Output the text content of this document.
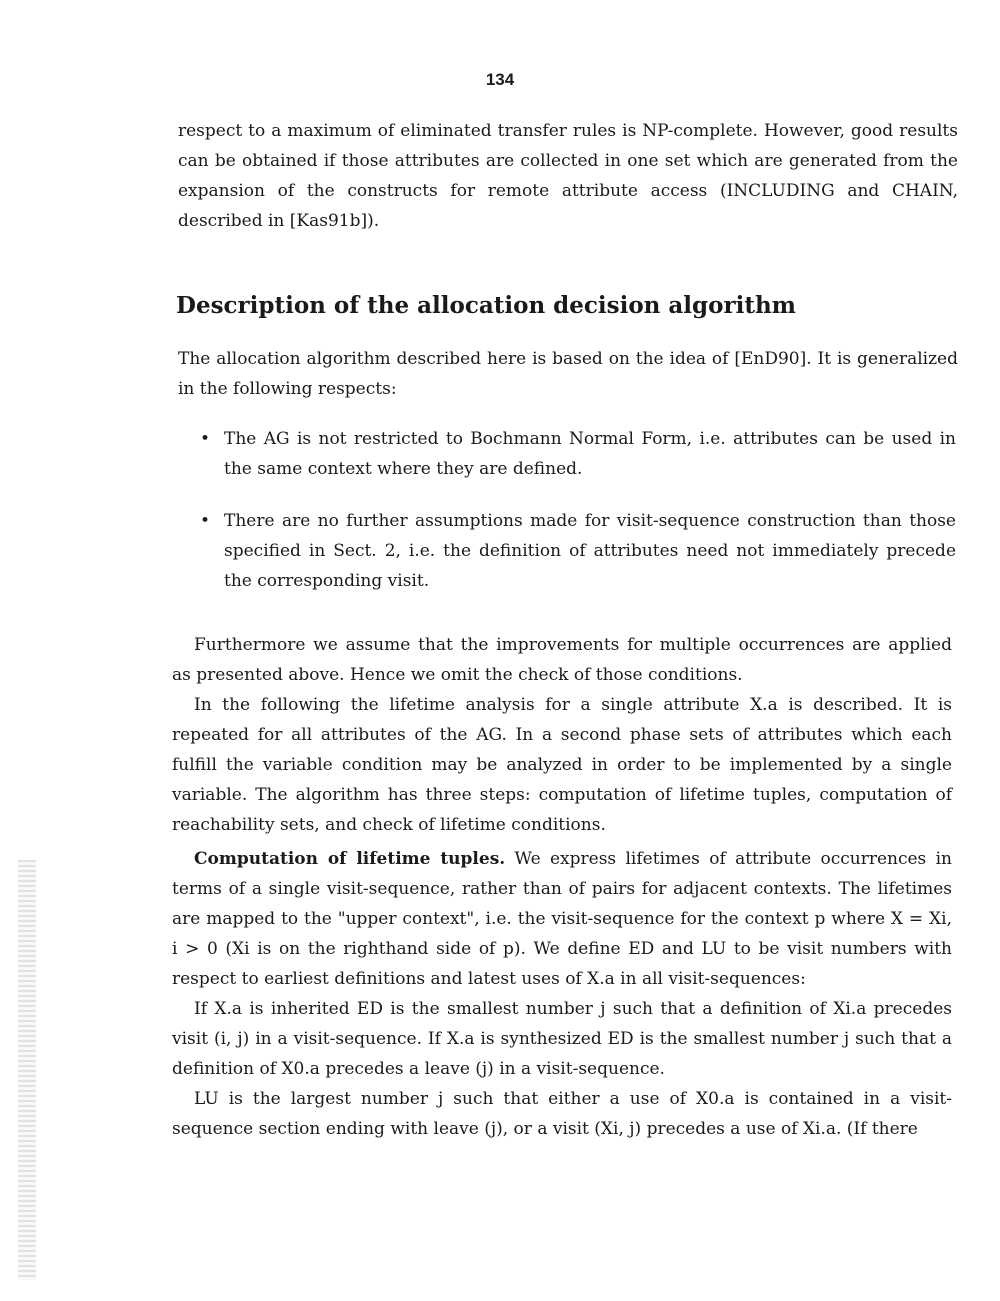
134

respect to a maximum of eliminated transfer rules is NP-complete. However, good results can be obtained if those attributes are collected in one set which are generated from the expansion of the constructs for remote attribute access (INCLUDING and CHAIN, described in [Kas91b]).

Description of the allocation decision algorithm

The allocation algorithm described here is based on the idea of [EnD90]. It is generalized in the following respects:

• The AG is not restricted to Bochmann Normal Form, i.e. attributes can be used in the same context where they are defined.
• There are no further assumptions made for visit-sequence construction than those specified in Sect. 2, i.e. the definition of attributes need not immediately precede the corresponding visit.

Furthermore we assume that the improvements for multiple occurrences are applied as presented above. Hence we omit the check of those conditions.

In the following the lifetime analysis for a single attribute X.a is described. It is repeated for all attributes of the AG. In a second phase sets of attributes which each fulfill the variable condition may be analyzed in order to be implemented by a single variable. The algorithm has three steps: computation of lifetime tuples, computation of reachability sets, and check of lifetime conditions.

Computation of lifetime tuples. We express lifetimes of attribute occurrences in terms of a single visit-sequence, rather than of pairs for adjacent contexts. The lifetimes are mapped to the "upper context", i.e. the visit-sequence for the context p where X = Xi, i > 0 (Xi is on the righthand side of p). We define ED and LU to be visit numbers with respect to earliest definitions and latest uses of X.a in all visit-sequences:

If X.a is inherited ED is the smallest number j such that a definition of Xi.a precedes visit (i, j) in a visit-sequence. If X.a is synthesized ED is the smallest number j such that a definition of X0.a precedes a leave (j) in a visit-sequence.

LU is the largest number j such that either a use of X0.a is contained in a visit-sequence section ending with leave (j), or a visit (Xi, j) precedes a use of Xi.a. (If there
